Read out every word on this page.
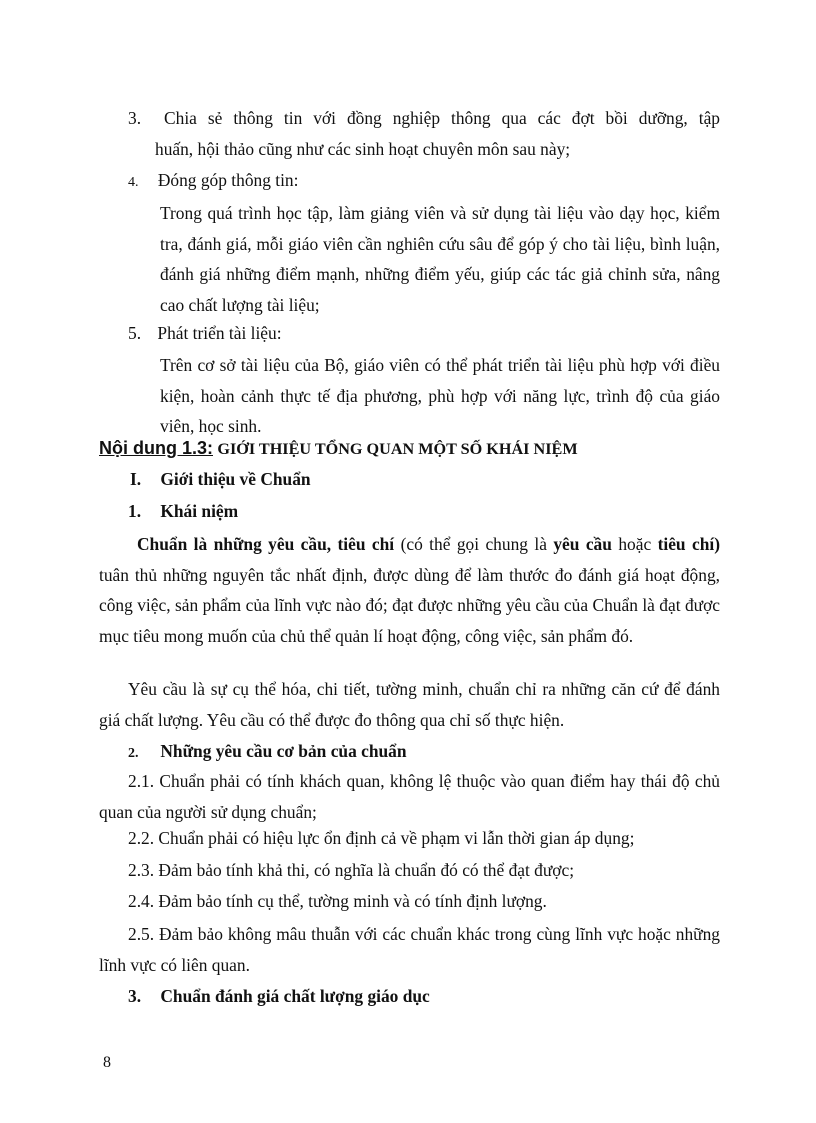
3. Chia sẻ thông tin với đồng nghiệp thông qua các đợt bồi dưỡng, tập
huấn, hội thảo cũng như các sinh hoạt chuyên môn sau này;
4. Đóng góp thông tin:
Trong quá trình học tập, làm giảng viên và sử dụng tài liệu vào dạy học, kiểm tra, đánh giá, mỗi giáo viên cần nghiên cứu sâu để góp ý cho tài liệu, bình luận, đánh giá những điểm mạnh, những điểm yếu, giúp các tác giả chỉnh sửa, nâng cao chất lượng tài liệu;
5. Phát triển tài liệu:
Trên cơ sở tài liệu của Bộ, giáo viên có thể phát triển tài liệu phù hợp với điều kiện, hoàn cảnh thực tế địa phương, phù hợp với năng lực, trình độ của giáo viên, học sinh.
Nội dung 1.3: GIỚI THIỆU TỔNG QUAN MỘT SỐ KHÁI NIỆM
I. Giới thiệu về Chuẩn
1. Khái niệm
Chuẩn là những yêu cầu, tiêu chí (có thể gọi chung là yêu cầu hoặc tiêu chí) tuân thủ những nguyên tắc nhất định, được dùng để làm thước đo đánh giá hoạt động, công việc, sản phẩm của lĩnh vực nào đó; đạt được những yêu cầu của Chuẩn là đạt được mục tiêu mong muốn của chủ thể quản lí hoạt động, công việc, sản phẩm đó.
Yêu cầu là sự cụ thể hóa, chi tiết, tường minh, chuẩn chỉ ra những căn cứ để đánh giá chất lượng. Yêu cầu có thể được đo thông qua chỉ số thực hiện.
2. Những yêu cầu cơ bản của chuẩn
2.1. Chuẩn phải có tính khách quan, không lệ thuộc vào quan điểm hay thái độ chủ quan của người sử dụng chuẩn;
2.2. Chuẩn phải có hiệu lực ổn định cả về phạm vi lẫn thời gian áp dụng;
2.3. Đảm bảo tính khả thi, có nghĩa là chuẩn đó có thể đạt được;
2.4. Đảm bảo tính cụ thể, tường minh và có tính định lượng.
2.5. Đảm bảo không mâu thuẫn với các chuẩn khác trong cùng lĩnh vực hoặc những lĩnh vực có liên quan.
3. Chuẩn đánh giá chất lượng giáo dục
8
